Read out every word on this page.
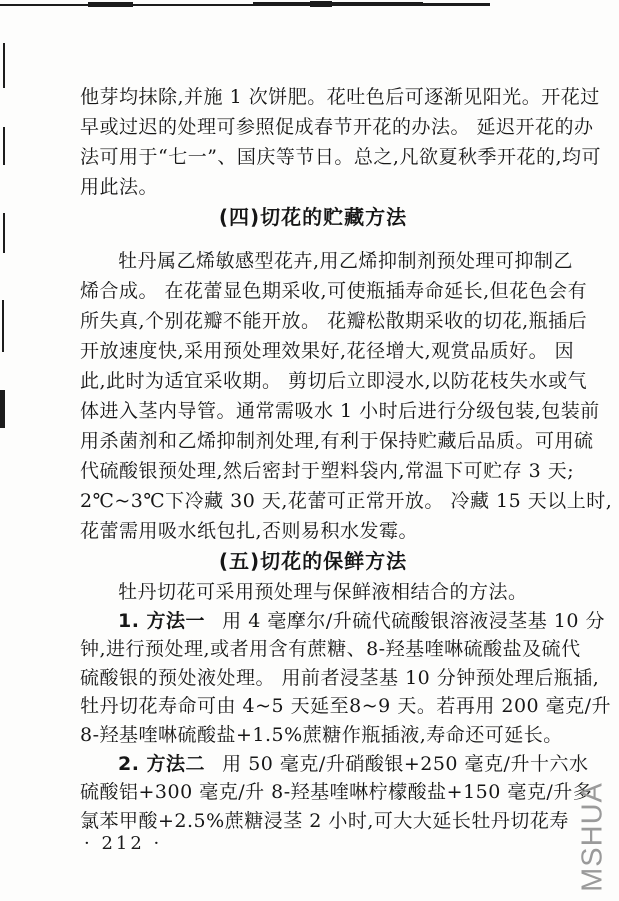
他芽均抹除,并施 1 次饼肥。花吐色后可逐渐见阳光。开花过
早或过迟的处理可参照促成春节开花的办法。 延迟开花的办
法可用于“七一”、国庆等节日。总之,凡欲夏秋季开花的,均可
用此法。
(四)切花的贮藏方法
牡丹属乙烯敏感型花卉,用乙烯抑制剂预处理可抑制乙
烯合成。 在花蕾显色期采收,可使瓶插寿命延长,但花色会有
所失真,个别花瓣不能开放。 花瓣松散期采收的切花,瓶插后
开放速度快,采用预处理效果好,花径增大,观赏品质好。 因
此,此时为适宜采收期。 剪切后立即浸水,以防花枝失水或气
体进入茎内导管。通常需吸水 1 小时后进行分级包装,包装前
用杀菌剂和乙烯抑制剂处理,有利于保持贮藏后品质。可用硫
代硫酸银预处理,然后密封于塑料袋内,常温下可贮存 3 天;
2℃~3℃下冷藏 30 天,花蕾可正常开放。 冷藏 15 天以上时,
花蕾需用吸水纸包扎,否则易积水发霉。
(五)切花的保鲜方法
牡丹切花可采用预处理与保鲜液相结合的方法。
1. 方法一 用 4 毫摩尔/升硫代硫酸银溶液浸茎基 10 分
钟,进行预处理,或者用含有蔗糖、8-羟基喹啉硫酸盐及硫代
硫酸银的预处液处理。 用前者浸茎基 10 分钟预处理后瓶插,
牡丹切花寿命可由 4~5 天延至8~9 天。若再用 200 毫克/升
8-羟基喹啉硫酸盐+1.5%蔗糖作瓶插液,寿命还可延长。
2. 方法二 用 50 毫克/升硝酸银+250 毫克/升十六水
硫酸铝+300 毫克/升 8-羟基喹啉柠檬酸盐+150 毫克/升多
氯苯甲酸+2.5%蔗糖浸茎 2 小时,可大大延长牡丹切花寿
· 212 ·	MSHUA
